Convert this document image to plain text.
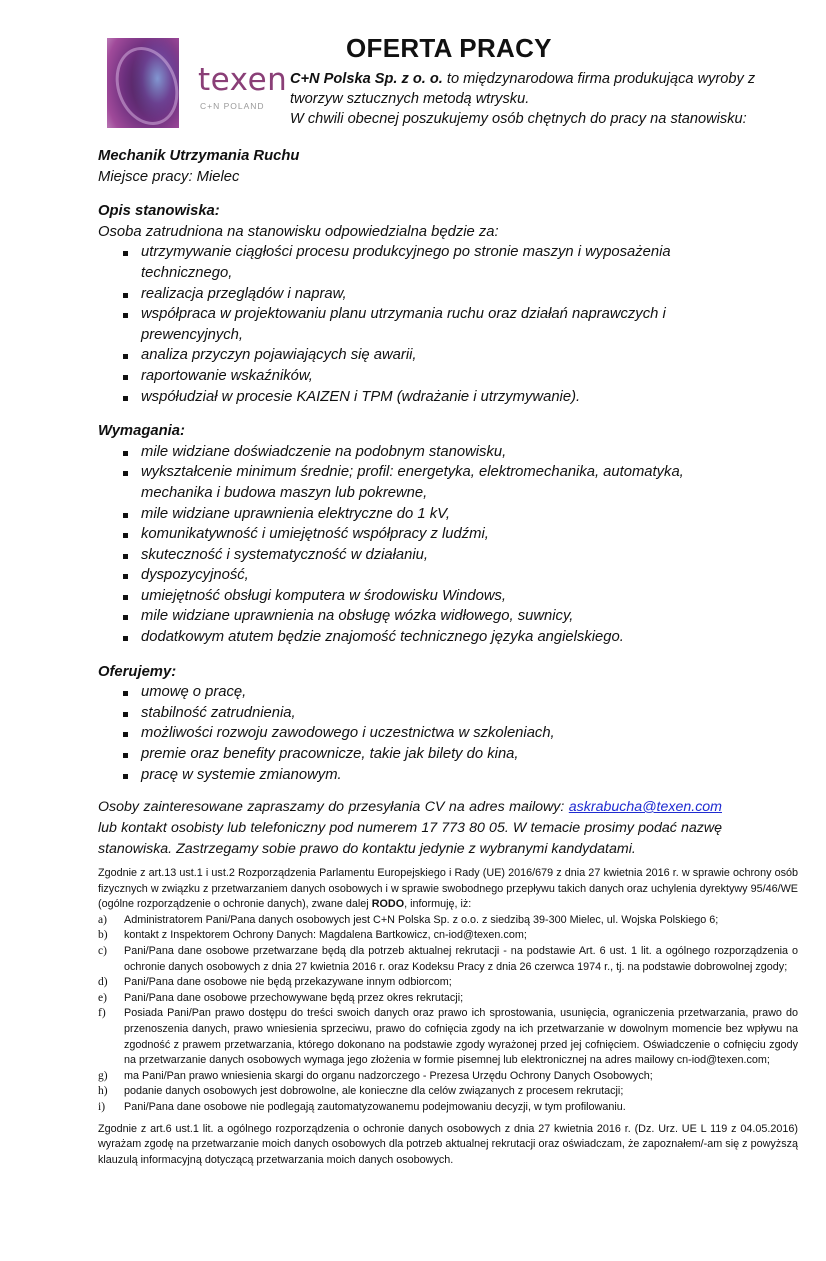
texen
C+N POLAND
OFERTA PRACY
C+N Polska Sp. z o. o. to międzynarodowa firma produkująca wyroby z tworzyw sztucznych metodą wtrysku.
W chwili obecnej poszukujemy osób chętnych do pracy na stanowisku:
Mechanik Utrzymania Ruchu
Miejsce pracy: Mielec
Opis stanowiska:
Osoba zatrudniona na stanowisku odpowiedzialna będzie za:
utrzymywanie ciągłości procesu produkcyjnego po stronie maszyn i wyposażenia technicznego,
realizacja przeglądów i napraw,
współpraca w projektowaniu planu utrzymania ruchu oraz działań naprawczych i prewencyjnych,
analiza przyczyn pojawiających się awarii,
raportowanie wskaźników,
współudział w procesie KAIZEN i TPM (wdrażanie i utrzymywanie).
Wymagania:
mile widziane doświadczenie na podobnym stanowisku,
wykształcenie minimum średnie; profil: energetyka, elektromechanika, automatyka, mechanika i budowa maszyn lub pokrewne,
mile widziane uprawnienia elektryczne do 1 kV,
komunikatywność i umiejętność współpracy z ludźmi,
skuteczność i systematyczność w działaniu,
dyspozycyjność,
umiejętność obsługi komputera w środowisku Windows,
mile widziane uprawnienia na obsługę wózka widłowego, suwnicy,
dodatkowym atutem będzie znajomość technicznego języka angielskiego.
Oferujemy:
umowę o pracę,
stabilność zatrudnienia,
możliwości rozwoju zawodowego i uczestnictwa w szkoleniach,
premie oraz benefity pracownicze, takie jak bilety do kina,
pracę w systemie zmianowym.
Osoby zainteresowane zapraszamy do przesyłania CV na adres mailowy: askrabucha@texen.com lub kontakt osobisty lub telefoniczny pod numerem 17 773 80 05. W temacie prosimy podać nazwę stanowiska. Zastrzegamy sobie prawo do kontaktu jedynie z wybranymi kandydatami.

Zgodnie z art.13 ust.1 i ust.2 Rozporządzenia Parlamentu Europejskiego i Rady (UE) 2016/679 z dnia 27 kwietnia 2016 r. w sprawie ochrony osób fizycznych w związku z przetwarzaniem danych osobowych i w sprawie swobodnego przepływu takich danych oraz uchylenia dyrektywy 95/46/WE (ogólne rozporządzenie o ochronie danych), zwane dalej RODO, informuję, iż:

a) Administratorem Pani/Pana danych osobowych jest C+N Polska Sp. z o.o. z siedzibą 39-300 Mielec, ul. Wojska Polskiego 6;
b) kontakt z Inspektorem Ochrony Danych: Magdalena Bartkowicz, cn-iod@texen.com;
c) Pani/Pana dane osobowe przetwarzane będą dla potrzeb aktualnej rekrutacji - na podstawie Art. 6 ust. 1 lit. a ogólnego rozporządzenia o ochronie danych osobowych z dnia 27 kwietnia 2016 r. oraz Kodeksu Pracy z dnia 26 czerwca 1974 r., tj. na podstawie dobrowolnej zgody;
d) Pani/Pana dane osobowe nie będą przekazywane innym odbiorcom;
e) Pani/Pana dane osobowe przechowywane będą przez okres rekrutacji;
f) Posiada Pani/Pan prawo dostępu do treści swoich danych oraz prawo ich sprostowania, usunięcia, ograniczenia przetwarzania, prawo do przenoszenia danych, prawo wniesienia sprzeciwu, prawo do cofnięcia zgody na ich przetwarzanie w dowolnym momencie bez wpływu na zgodność z prawem przetwarzania, którego dokonano na podstawie zgody wyrażonej przed jej cofnięciem. Oświadczenie o cofnięciu zgody na przetwarzanie danych osobowych wymaga jego złożenia w formie pisemnej lub elektronicznej na adres mailowy cn-iod@texen.com;
g) ma Pani/Pan prawo wniesienia skargi do organu nadzorczego - Prezesa Urzędu Ochrony Danych Osobowych;
h) podanie danych osobowych jest dobrowolne, ale konieczne dla celów związanych z procesem rekrutacji;
i) Pani/Pana dane osobowe nie podlegają zautomatyzowanemu podejmowaniu decyzji, w tym profilowaniu.

Zgodnie z art.6 ust.1 lit. a ogólnego rozporządzenia o ochronie danych osobowych z dnia 27 kwietnia 2016 r. (Dz. Urz. UE L 119 z 04.05.2016) wyrażam zgodę na przetwarzanie moich danych osobowych dla potrzeb aktualnej rekrutacji oraz oświadczam, że zapoznałem/-am się z powyższą klauzulą informacyjną dotyczącą przetwarzania moich danych osobowych.
